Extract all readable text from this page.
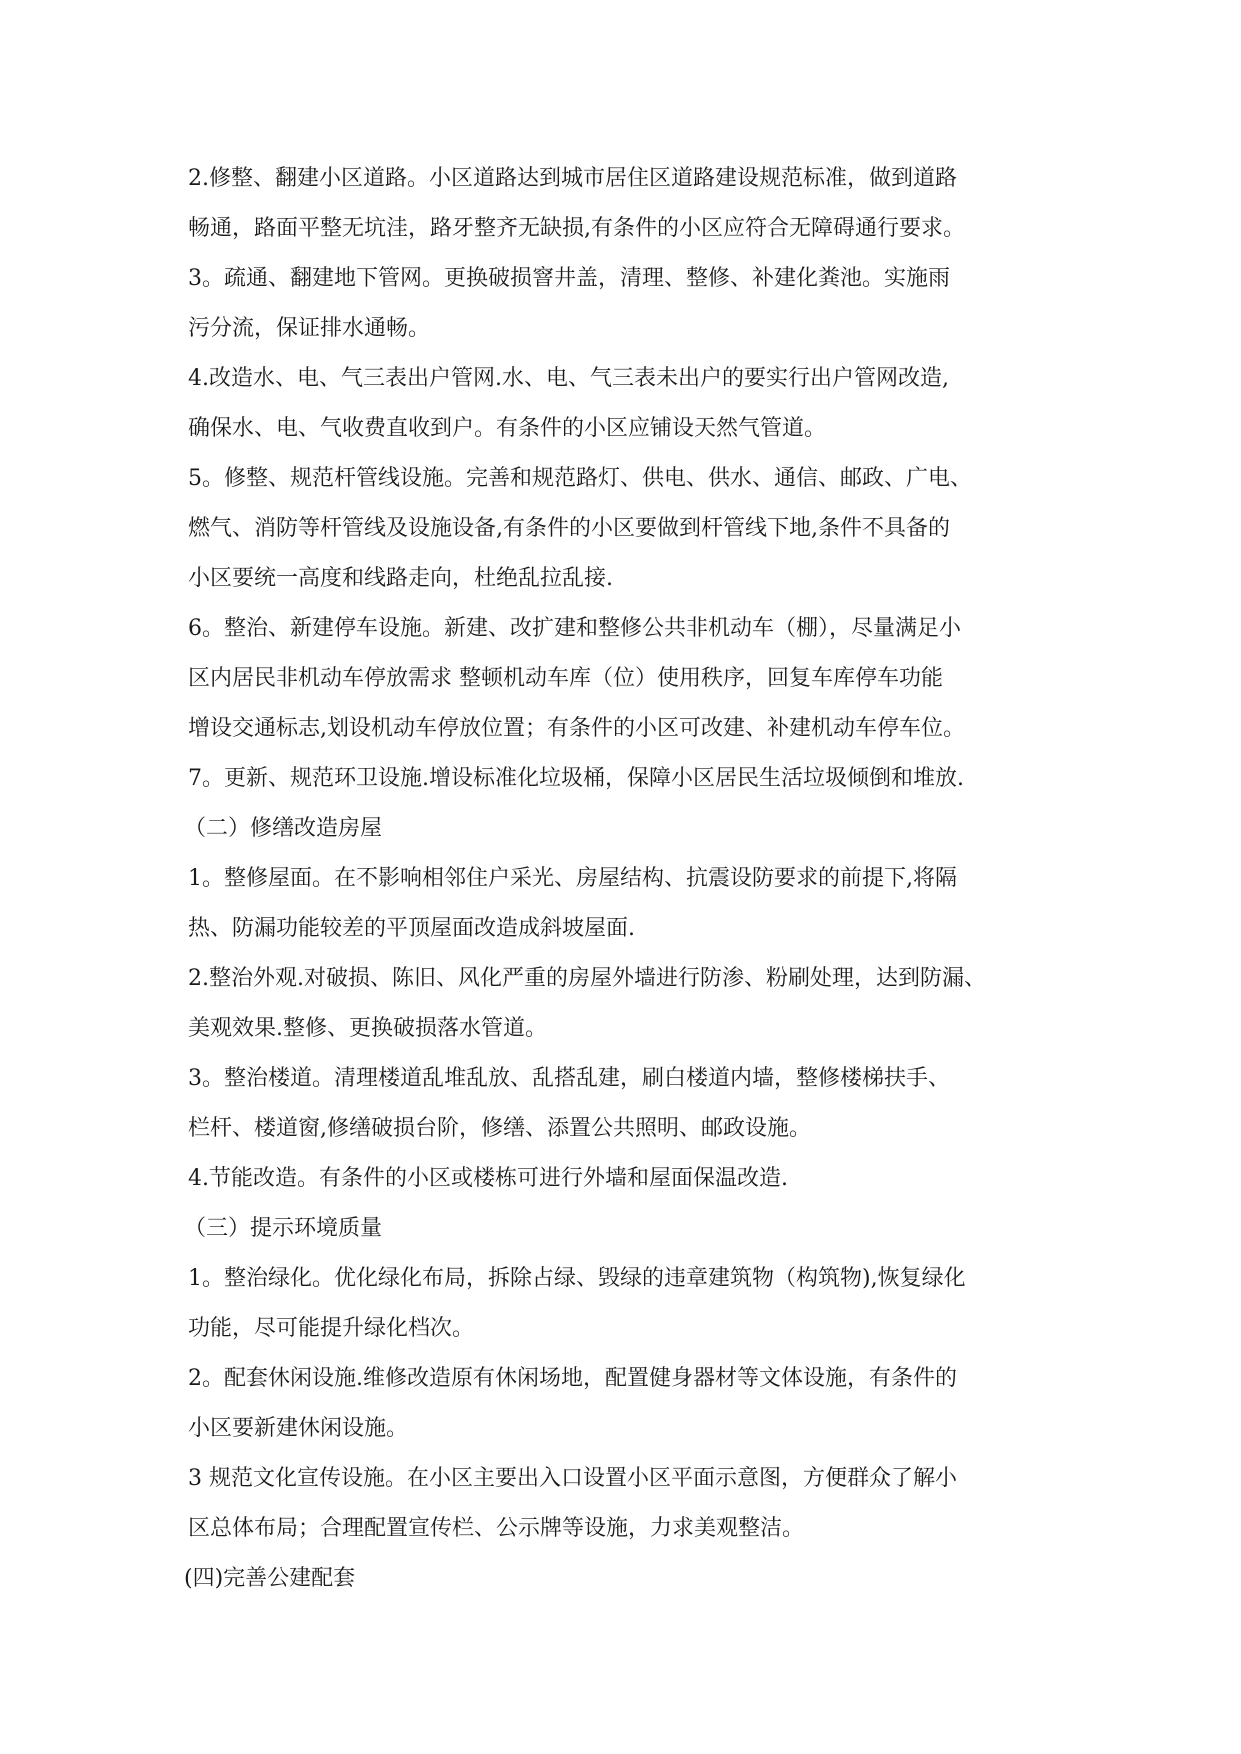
2.修整、翻建小区道路。小区道路达到城市居住区道路建设规范标准，做到道路
畅通，路面平整无坑洼，路牙整齐无缺损,有条件的小区应符合无障碍通行要求。
3。疏通、翻建地下管网。更换破损窨井盖，清理、整修、补建化粪池。实施雨
污分流，保证排水通畅。
4.改造水、电、气三表出户管网.水、电、气三表未出户的要实行出户管网改造,
确保水、电、气收费直收到户。有条件的小区应铺设天然气管道。
5。修整、规范杆管线设施。完善和规范路灯、供电、供水、通信、邮政、广电、
燃气、消防等杆管线及设施设备,有条件的小区要做到杆管线下地,条件不具备的
小区要统一高度和线路走向，杜绝乱拉乱接.
6。整治、新建停车设施。新建、改扩建和整修公共非机动车（棚），尽量满足小
区内居民非机动车停放需求 整顿机动车库（位）使用秩序，回复车库停车功能
增设交通标志,划设机动车停放位置；有条件的小区可改建、补建机动车停车位。
7。更新、规范环卫设施.增设标准化垃圾桶，保障小区居民生活垃圾倾倒和堆放.
（二）修缮改造房屋
1。整修屋面。在不影响相邻住户采光、房屋结构、抗震设防要求的前提下,将隔
热、防漏功能较差的平顶屋面改造成斜坡屋面.
2.整治外观.对破损、陈旧、风化严重的房屋外墙进行防渗、粉刷处理，达到防漏、
美观效果.整修、更换破损落水管道。
3。整治楼道。清理楼道乱堆乱放、乱搭乱建，刷白楼道内墙，整修楼梯扶手、
栏杆、楼道窗,修缮破损台阶，修缮、添置公共照明、邮政设施。
4.节能改造。有条件的小区或楼栋可进行外墙和屋面保温改造.
（三）提示环境质量
1。整治绿化。优化绿化布局，拆除占绿、毁绿的违章建筑物（构筑物),恢复绿化
功能，尽可能提升绿化档次。
2。配套休闲设施.维修改造原有休闲场地，配置健身器材等文体设施，有条件的
小区要新建休闲设施。
3 规范文化宣传设施。在小区主要出入口设置小区平面示意图，方便群众了解小
区总体布局；合理配置宣传栏、公示牌等设施，力求美观整洁。
(四)完善公建配套
